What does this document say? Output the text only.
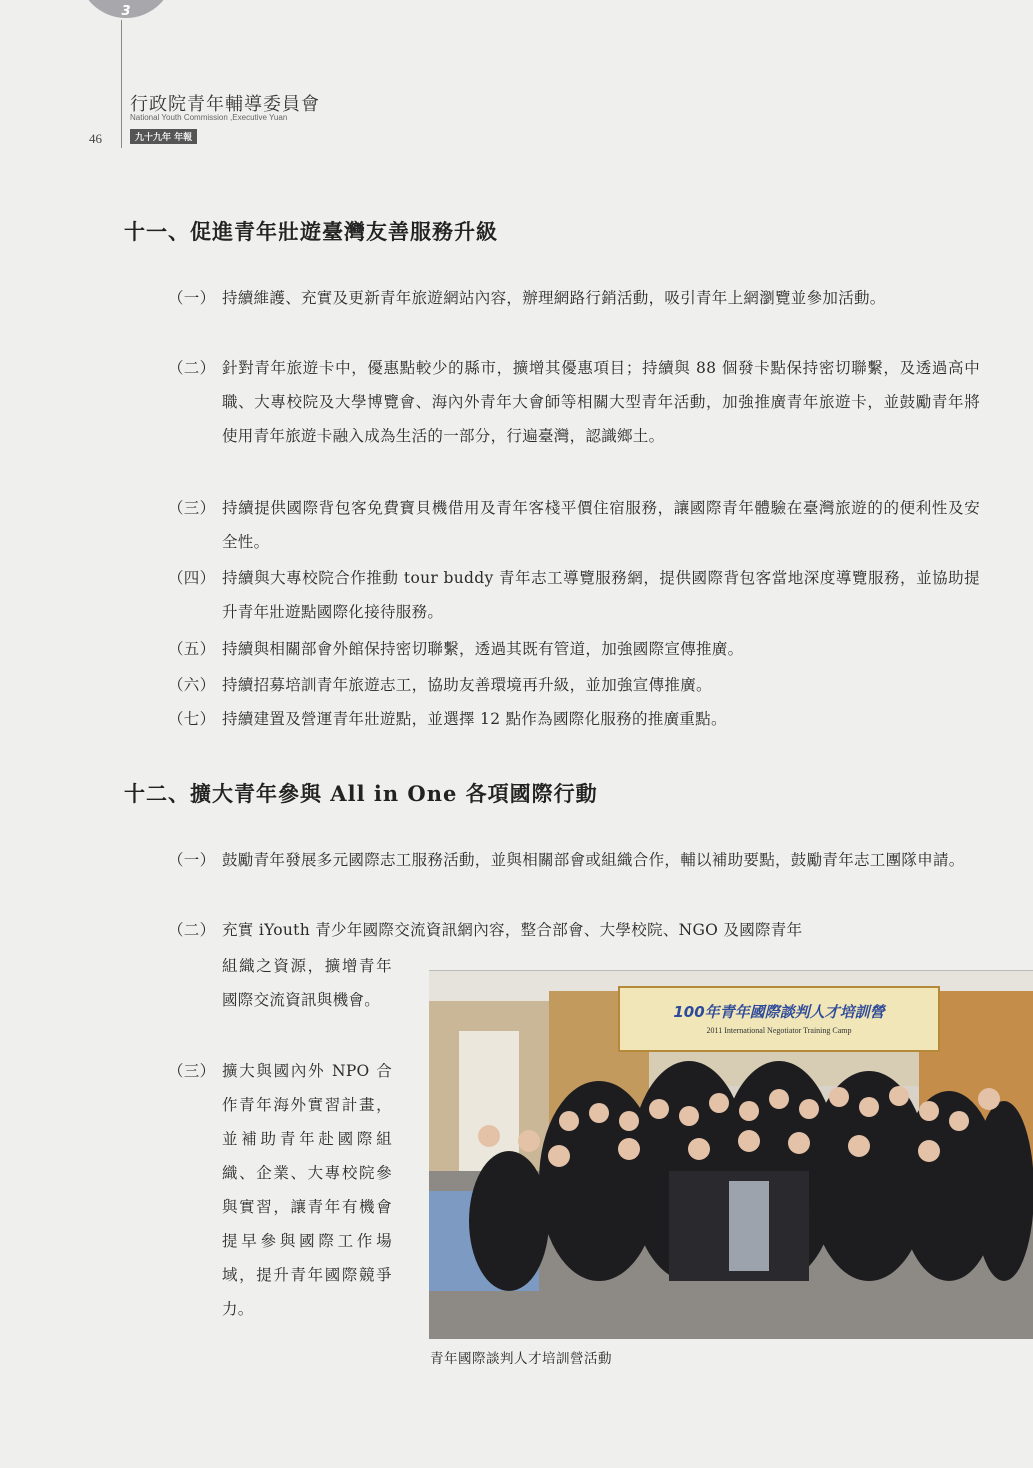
3
行政院青年輔導委員會
National Youth Commission ,Executive Yuan
九十九年 年報
46
十一、促進青年壯遊臺灣友善服務升級
（一） 持續維護、充實及更新青年旅遊網站內容，辦理網路行銷活動，吸引青年上網瀏覽並參加活動。
（二） 針對青年旅遊卡中，優惠點較少的縣市，擴增其優惠項目；持續與 88 個發卡點保持密切聯繫，及透過高中職、大專校院及大學博覽會、海內外青年大會師等相關大型青年活動，加強推廣青年旅遊卡，並鼓勵青年將使用青年旅遊卡融入成為生活的一部分，行遍臺灣，認識鄉土。
（三） 持續提供國際背包客免費寶貝機借用及青年客棧平價住宿服務，讓國際青年體驗在臺灣旅遊的的便利性及安全性。
（四） 持續與大專校院合作推動 tour buddy 青年志工導覽服務網，提供國際背包客當地深度導覽服務，並協助提升青年壯遊點國際化接待服務。
（五） 持續與相關部會外館保持密切聯繫，透過其既有管道，加強國際宣傳推廣。
（六） 持續招募培訓青年旅遊志工，協助友善環境再升級，並加強宣傳推廣。
（七） 持續建置及營運青年壯遊點，並選擇 12 點作為國際化服務的推廣重點。
十二、擴大青年參與 All in One 各項國際行動
（一） 鼓勵青年發展多元國際志工服務活動，並與相關部會或組織合作，輔以補助要點，鼓勵青年志工團隊申請。
（二） 充實 iYouth 青少年國際交流資訊網內容，整合部會、大學校院、NGO 及國際青年
組織之資源，擴增青年國際交流資訊與機會。
（三） 擴大與國內外 NPO 合作青年海外實習計畫，並補助青年赴國際組織、企業、大專校院參與實習，讓青年有機會提早參與國際工作場域，提升青年國際競爭力。
100年青年國際談判人才培訓營
2011 International Negotiator Training Camp
青年國際談判人才培訓營活動
